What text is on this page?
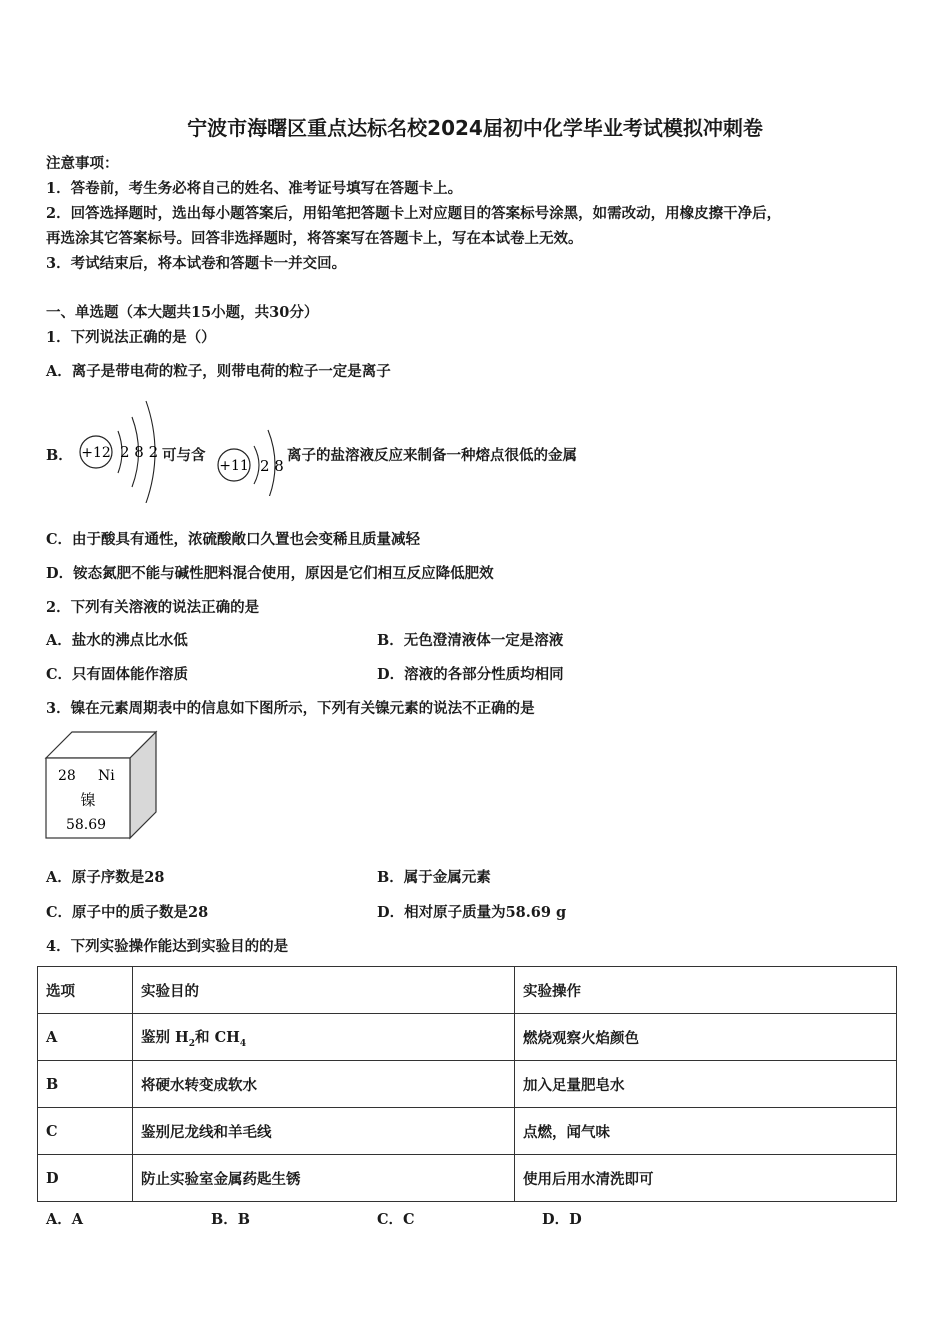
宁波市海曙区重点达标名校2024届初中化学毕业考试模拟冲刺卷
注意事项：
1．答卷前，考生务必将自己的姓名、准考证号填写在答题卡上。
2．回答选择题时，选出每小题答案后，用铅笔把答题卡上对应题目的答案标号涂黑，如需改动，用橡皮擦干净后，
再选涂其它答案标号。回答非选择题时，将答案写在答题卡上，写在本试卷上无效。
3．考试结束后，将本试卷和答题卡一并交回。
一、单选题（本大题共15小题，共30分）
1．下列说法正确的是（）
A．离子是带电荷的粒子，则带电荷的粒子一定是离子
B． +12 2 8 2 可与含
+11 2 8
离子的盐溶液反应来制备一种熔点很低的金属
C．由于酸具有通性，浓硫酸敞口久置也会变稀且质量减轻
D．铵态氮肥不能与碱性肥料混合使用，原因是它们相互反应降低肥效
2．下列有关溶液的说法正确的是
A．盐水的沸点比水低	B．无色澄清液体一定是溶液
C．只有固体能作溶质	D．溶液的各部分性质均相同
3．镍在元素周期表中的信息如下图所示，下列有关镍元素的说法不正确的是
28 Ni
镍
58.69
A．原子序数是28	B．属于金属元素
C．原子中的质子数是28	D．相对原子质量为58.69 g
4．下列实验操作能达到实验目的的是
选项	实验目的	实验操作
A	鉴别 $H_2$和 $CH_4$	燃烧观察火焰颜色
B	将硬水转变成软水	加入足量肥皂水
C	鉴别尼龙线和羊毛线	点燃，闻气味
D	防止实验室金属药匙生锈	使用后用水清洗即可
A．A	B．B	C．C	D．D
